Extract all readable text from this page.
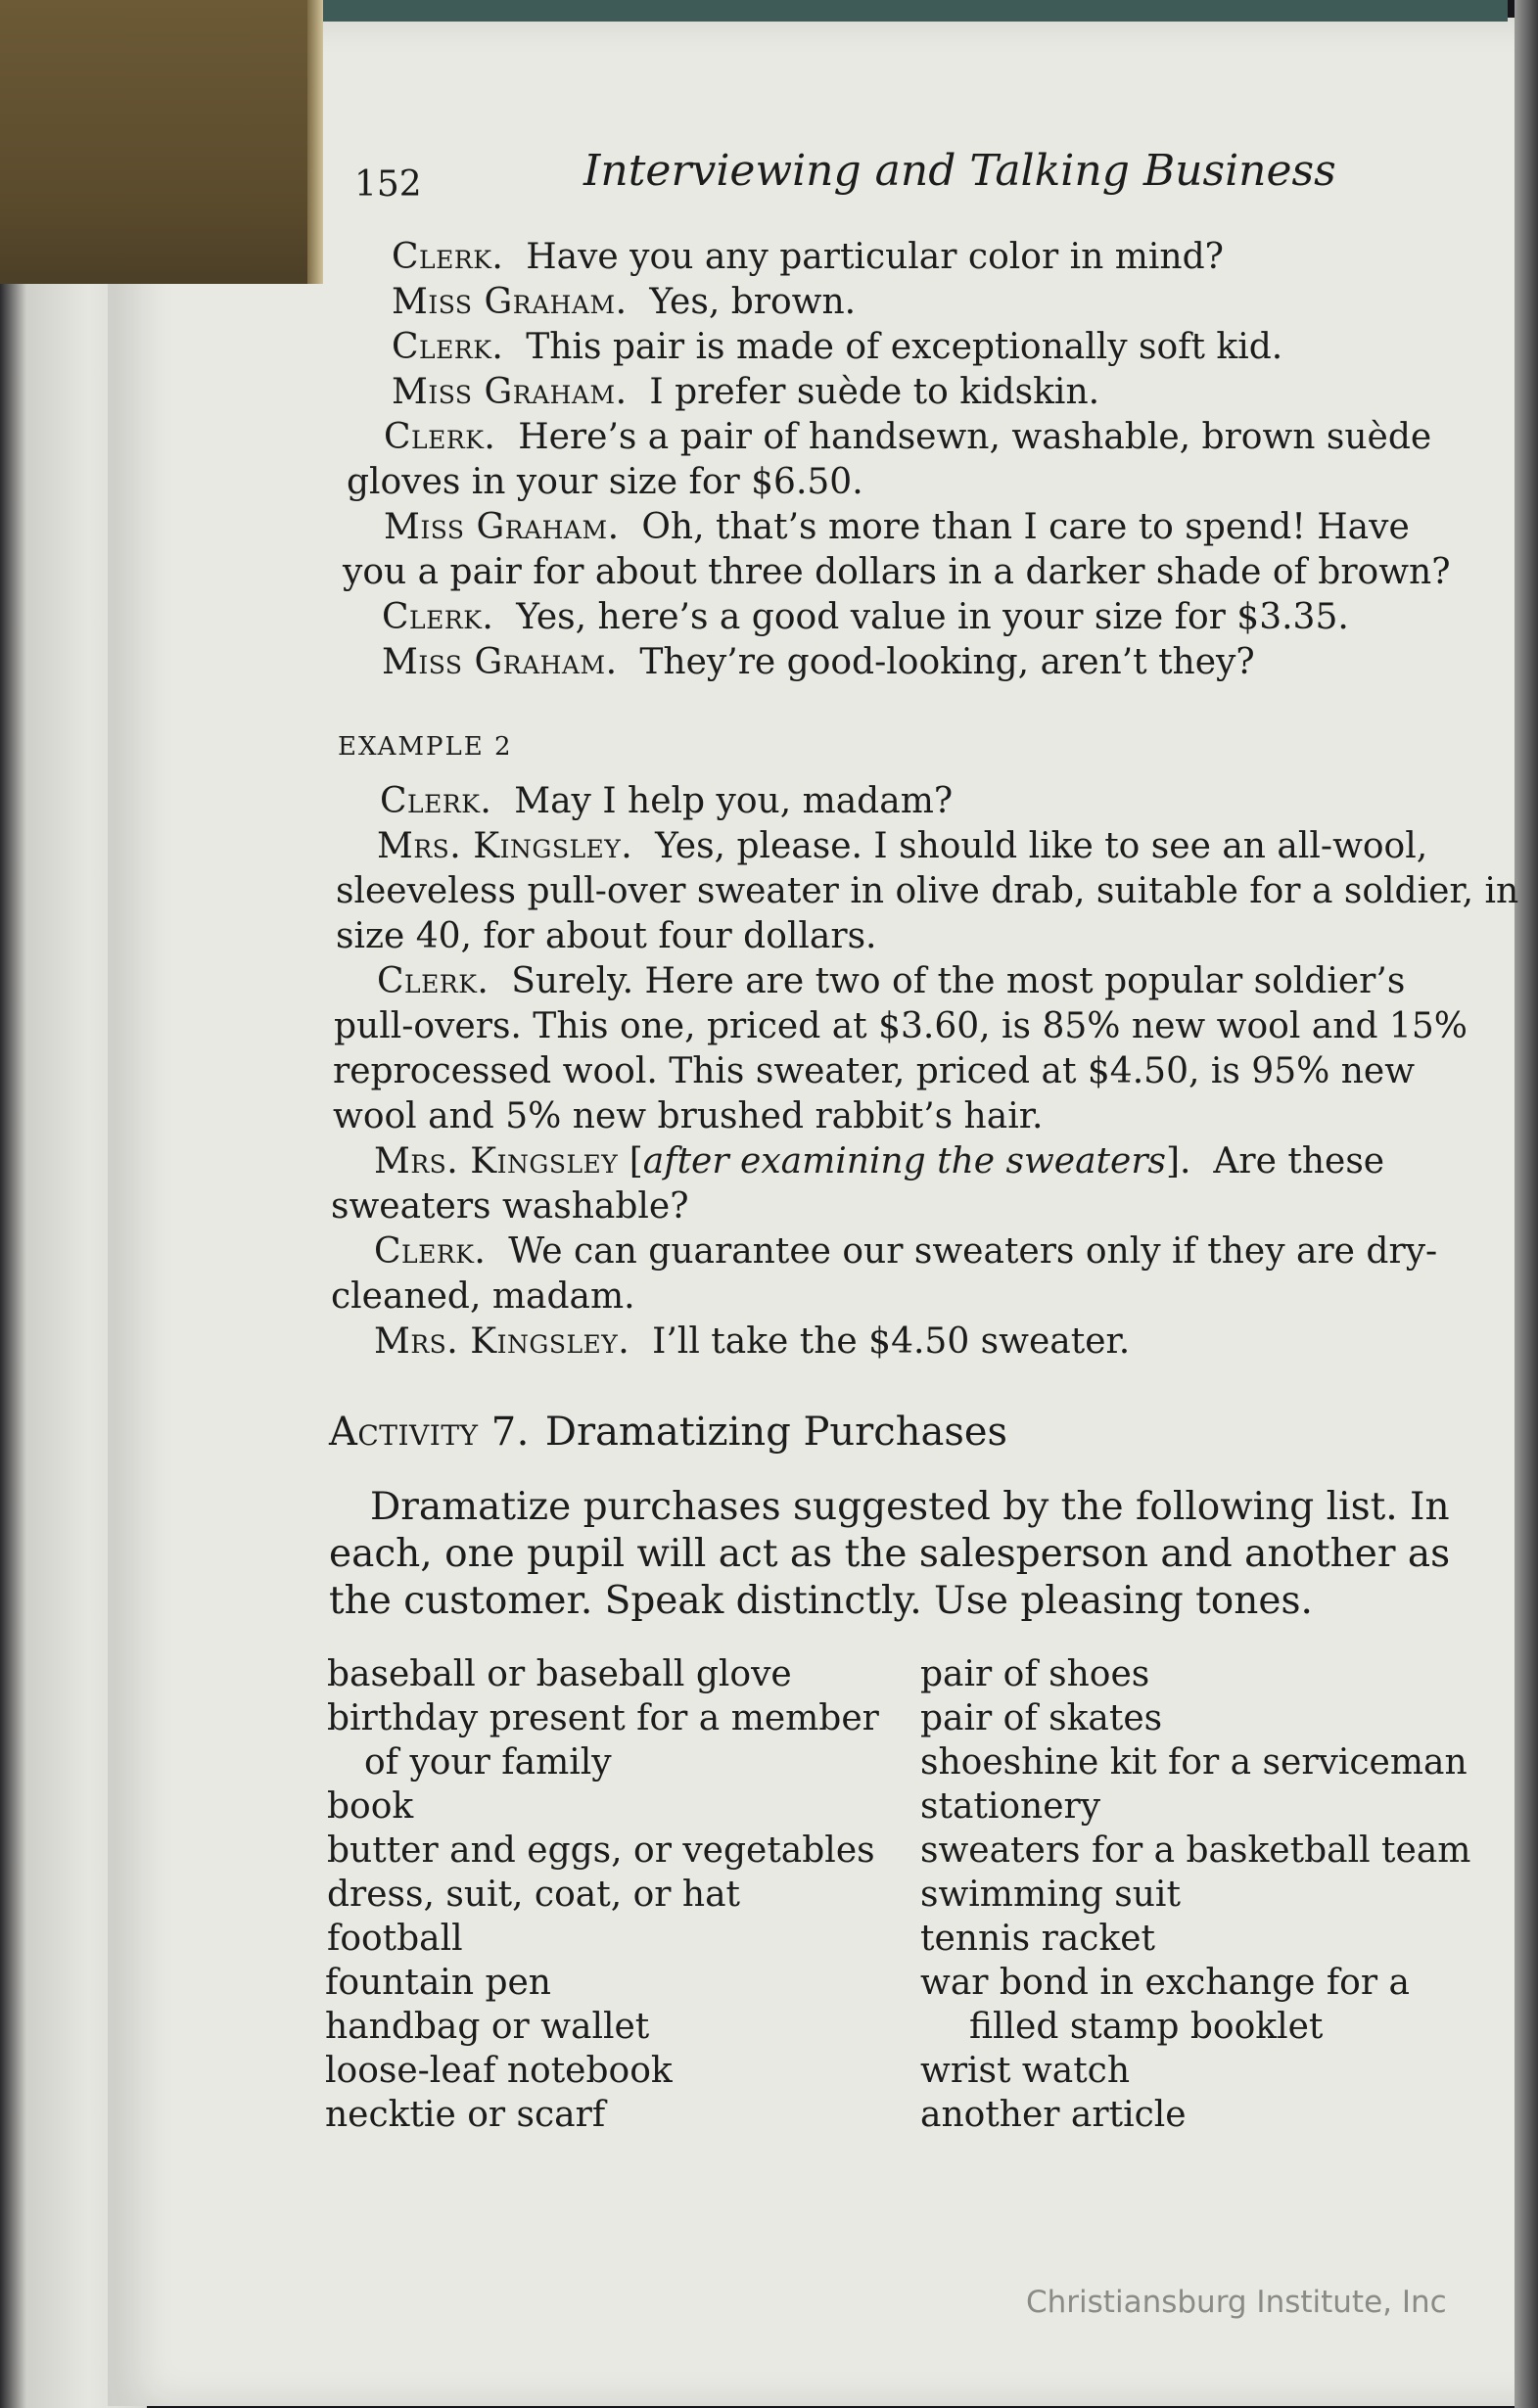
152	Interviewing and Talking Business

Clerk. Have you any particular color in mind?

Miss Graham. Yes, brown.

Clerk. This pair is made of exceptionally soft kid.

Miss Graham. I prefer suède to kidskin.

Clerk. Here’s a pair of handsewn, washable, brown suède

gloves in your size for $6.50.

Miss Graham. Oh, that’s more than I care to spend! Have

you a pair for about three dollars in a darker shade of brown?

Clerk. Yes, here’s a good value in your size for $3.35.

Miss Graham. They’re good-looking, aren’t they?

EXAMPLE 2

Clerk. May I help you, madam?

Mrs. Kingsley. Yes, please. I should like to see an all-wool,

sleeveless pull-over sweater in olive drab, suitable for a soldier, in

size 40, for about four dollars.

Clerk. Surely. Here are two of the most popular soldier’s

pull-overs. This one, priced at $3.60, is 85% new wool and 15%

reprocessed wool. This sweater, priced at $4.50, is 95% new

wool and 5% new brushed rabbit’s hair.

Mrs. Kingsley [after examining the sweaters]. Are these

sweaters washable?

Clerk. We can guarantee our sweaters only if they are dry-

cleaned, madam.

Mrs. Kingsley. I’ll take the $4.50 sweater.

Activity 7. Dramatizing Purchases

Dramatize purchases suggested by the following list. In

each, one pupil will act as the salesperson and another as

the customer. Speak distinctly. Use pleasing tones.

baseball or baseball glove

birthday present for a member

of your family

book

butter and eggs, or vegetables

dress, suit, coat, or hat

football

fountain pen

handbag or wallet

loose-leaf notebook

necktie or scarf

pair of shoes

pair of skates

shoeshine kit for a serviceman

stationery

sweaters for a basketball team

swimming suit

tennis racket

war bond in exchange for a

filled stamp booklet

wrist watch

another article

Christiansburg Institute, Inc
